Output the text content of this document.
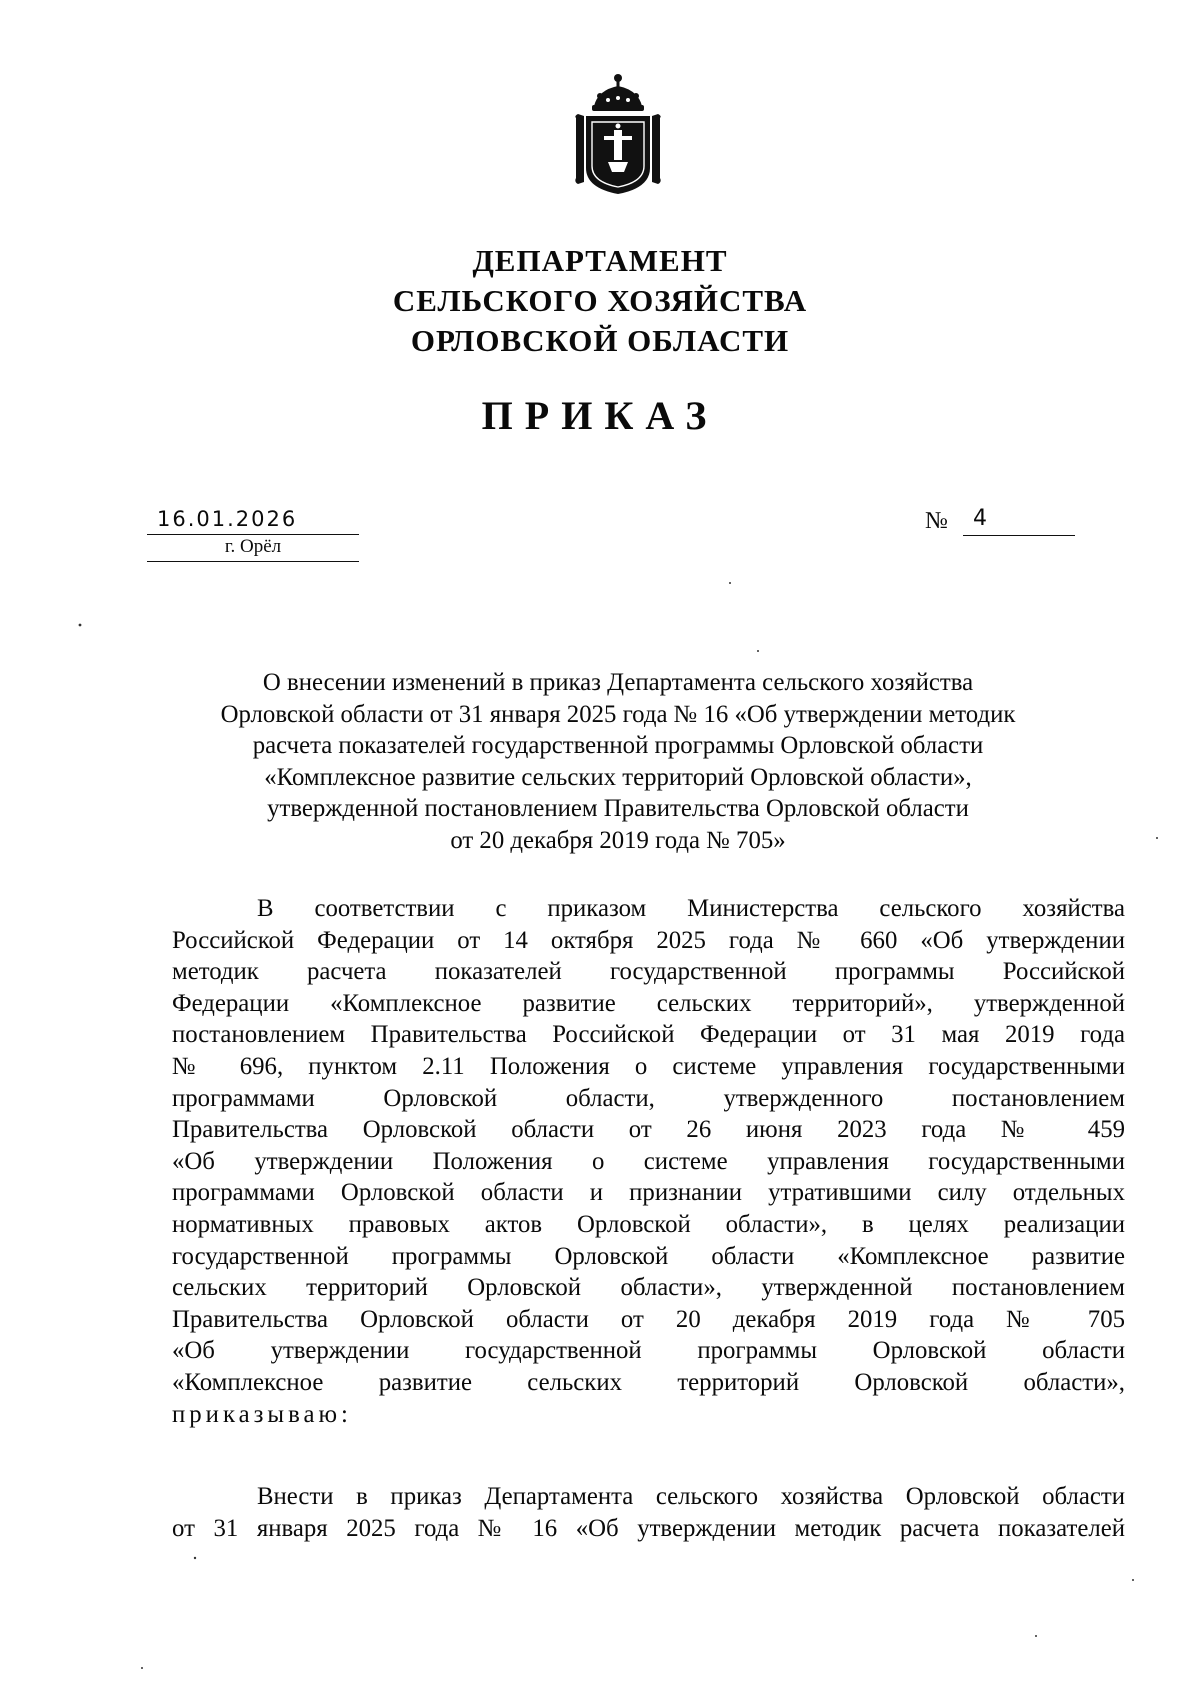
ДЕПАРТАМЕНТ
СЕЛЬСКОГО ХОЗЯЙСТВА
ОРЛОВСКОЙ ОБЛАСТИ
ПРИКАЗ
16.01.2026
г. Орёл
№ 4
О внесении изменений в приказ Департамента сельского хозяйства
Орловской области от 31 января 2025 года № 16 «Об утверждении методик
расчета показателей государственной программы Орловской области
«Комплексное развитие сельских территорий Орловской области»,
утвержденной постановлением Правительства Орловской области
от 20 декабря 2019 года № 705»
В соответствии с приказом Министерства сельского хозяйства
Российской Федерации от 14 октября 2025 года № 660 «Об утверждении
методик расчета показателей государственной программы Российской
Федерации «Комплексное развитие сельских территорий», утвержденной
постановлением Правительства Российской Федерации от 31 мая 2019 года
№ 696, пунктом 2.11 Положения о системе управления государственными
программами Орловской области, утвержденного постановлением
Правительства Орловской области от 26 июня 2023 года № 459
«Об утверждении Положения о системе управления государственными
программами Орловской области и признании утратившими силу отдельных
нормативных правовых актов Орловской области», в целях реализации
государственной программы Орловской области «Комплексное развитие
сельских территорий Орловской области», утвержденной постановлением
Правительства Орловской области от 20 декабря 2019 года № 705
«Об утверждении государственной программы Орловской области
«Комплексное развитие сельских территорий Орловской области»,
приказываю:
Внести в приказ Департамента сельского хозяйства Орловской области
от 31 января 2025 года № 16 «Об утверждении методик расчета показателей
